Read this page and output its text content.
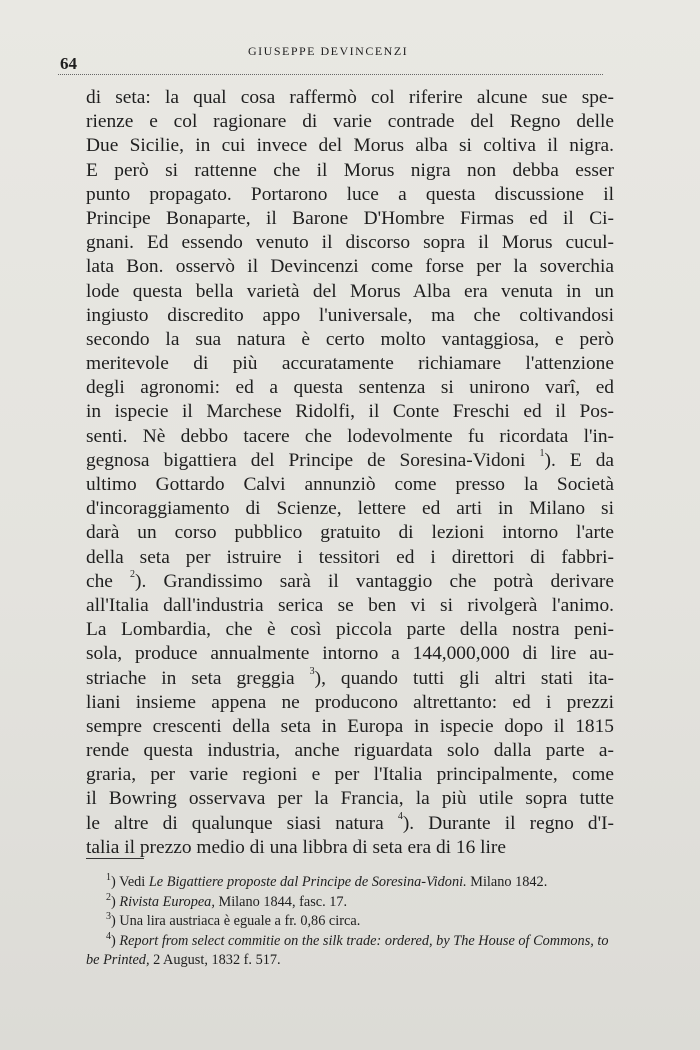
64
GIUSEPPE DEVINCENZI
di seta: la qual cosa raffermò col riferire alcune sue spe-
rienze e col ragionare di varie contrade del Regno delle
Due Sicilie, in cui invece del Morus alba si coltiva il nigra.
E però si rattenne che il Morus nigra non debba esser
punto propagato. Portarono luce a questa discussione il
Principe Bonaparte, il Barone D'Hombre Firmas ed il Ci-
gnani. Ed essendo venuto il discorso sopra il Morus cucul-
lata Bon. osservò il Devincenzi come forse per la soverchia
lode questa bella varietà del Morus Alba era venuta in un
ingiusto discredito appo l'universale, ma che coltivandosi
secondo la sua natura è certo molto vantaggiosa, e però
meritevole di più accuratamente richiamare l'attenzione
degli agronomi: ed a questa sentenza si unirono varî, ed
in ispecie il Marchese Ridolfi, il Conte Freschi ed il Pos-
senti. Nè debbo tacere che lodevolmente fu ricordata l'in-
gegnosa bigattiera del Principe de Soresina-Vidoni $^1$). E da
ultimo Gottardo Calvi annunziò come presso la Società
d'incoraggiamento di Scienze, lettere ed arti in Milano si
darà un corso pubblico gratuito di lezioni intorno l'arte
della seta per istruire i tessitori ed i direttori di fabbri-
che $^2$). Grandissimo sarà il vantaggio che potrà derivare
all'Italia dall'industria serica se ben vi si rivolgerà l'animo.
La Lombardia, che è così piccola parte della nostra peni-
sola, produce annualmente intorno a 144,000,000 di lire au-
striache in seta greggia $^3$), quando tutti gli altri stati ita-
liani insieme appena ne producono altrettanto: ed i prezzi
sempre crescenti della seta in Europa in ispecie dopo il 1815
rende questa industria, anche riguardata solo dalla parte a-
graria, per varie regioni e per l'Italia principalmente, come
il Bowring osservava per la Francia, la più utile sopra tutte
le altre di qualunque siasi natura $^4$). Durante il regno d'I-
talia il prezzo medio di una libbra di seta era di 16 lire
$^1$) Vedi Le Bigattiere proposte dal Principe de Soresina-Vidoni. Milano 1842.
$^2$) Rivista Europea, Milano 1844, fasc. 17.
$^3$) Una lira austriaca è eguale a fr. 0,86 circa.
$^4$) Report from select commitie on the silk trade: ordered, by The House of Commons, to be Printed, 2 August, 1832 f. 517.
